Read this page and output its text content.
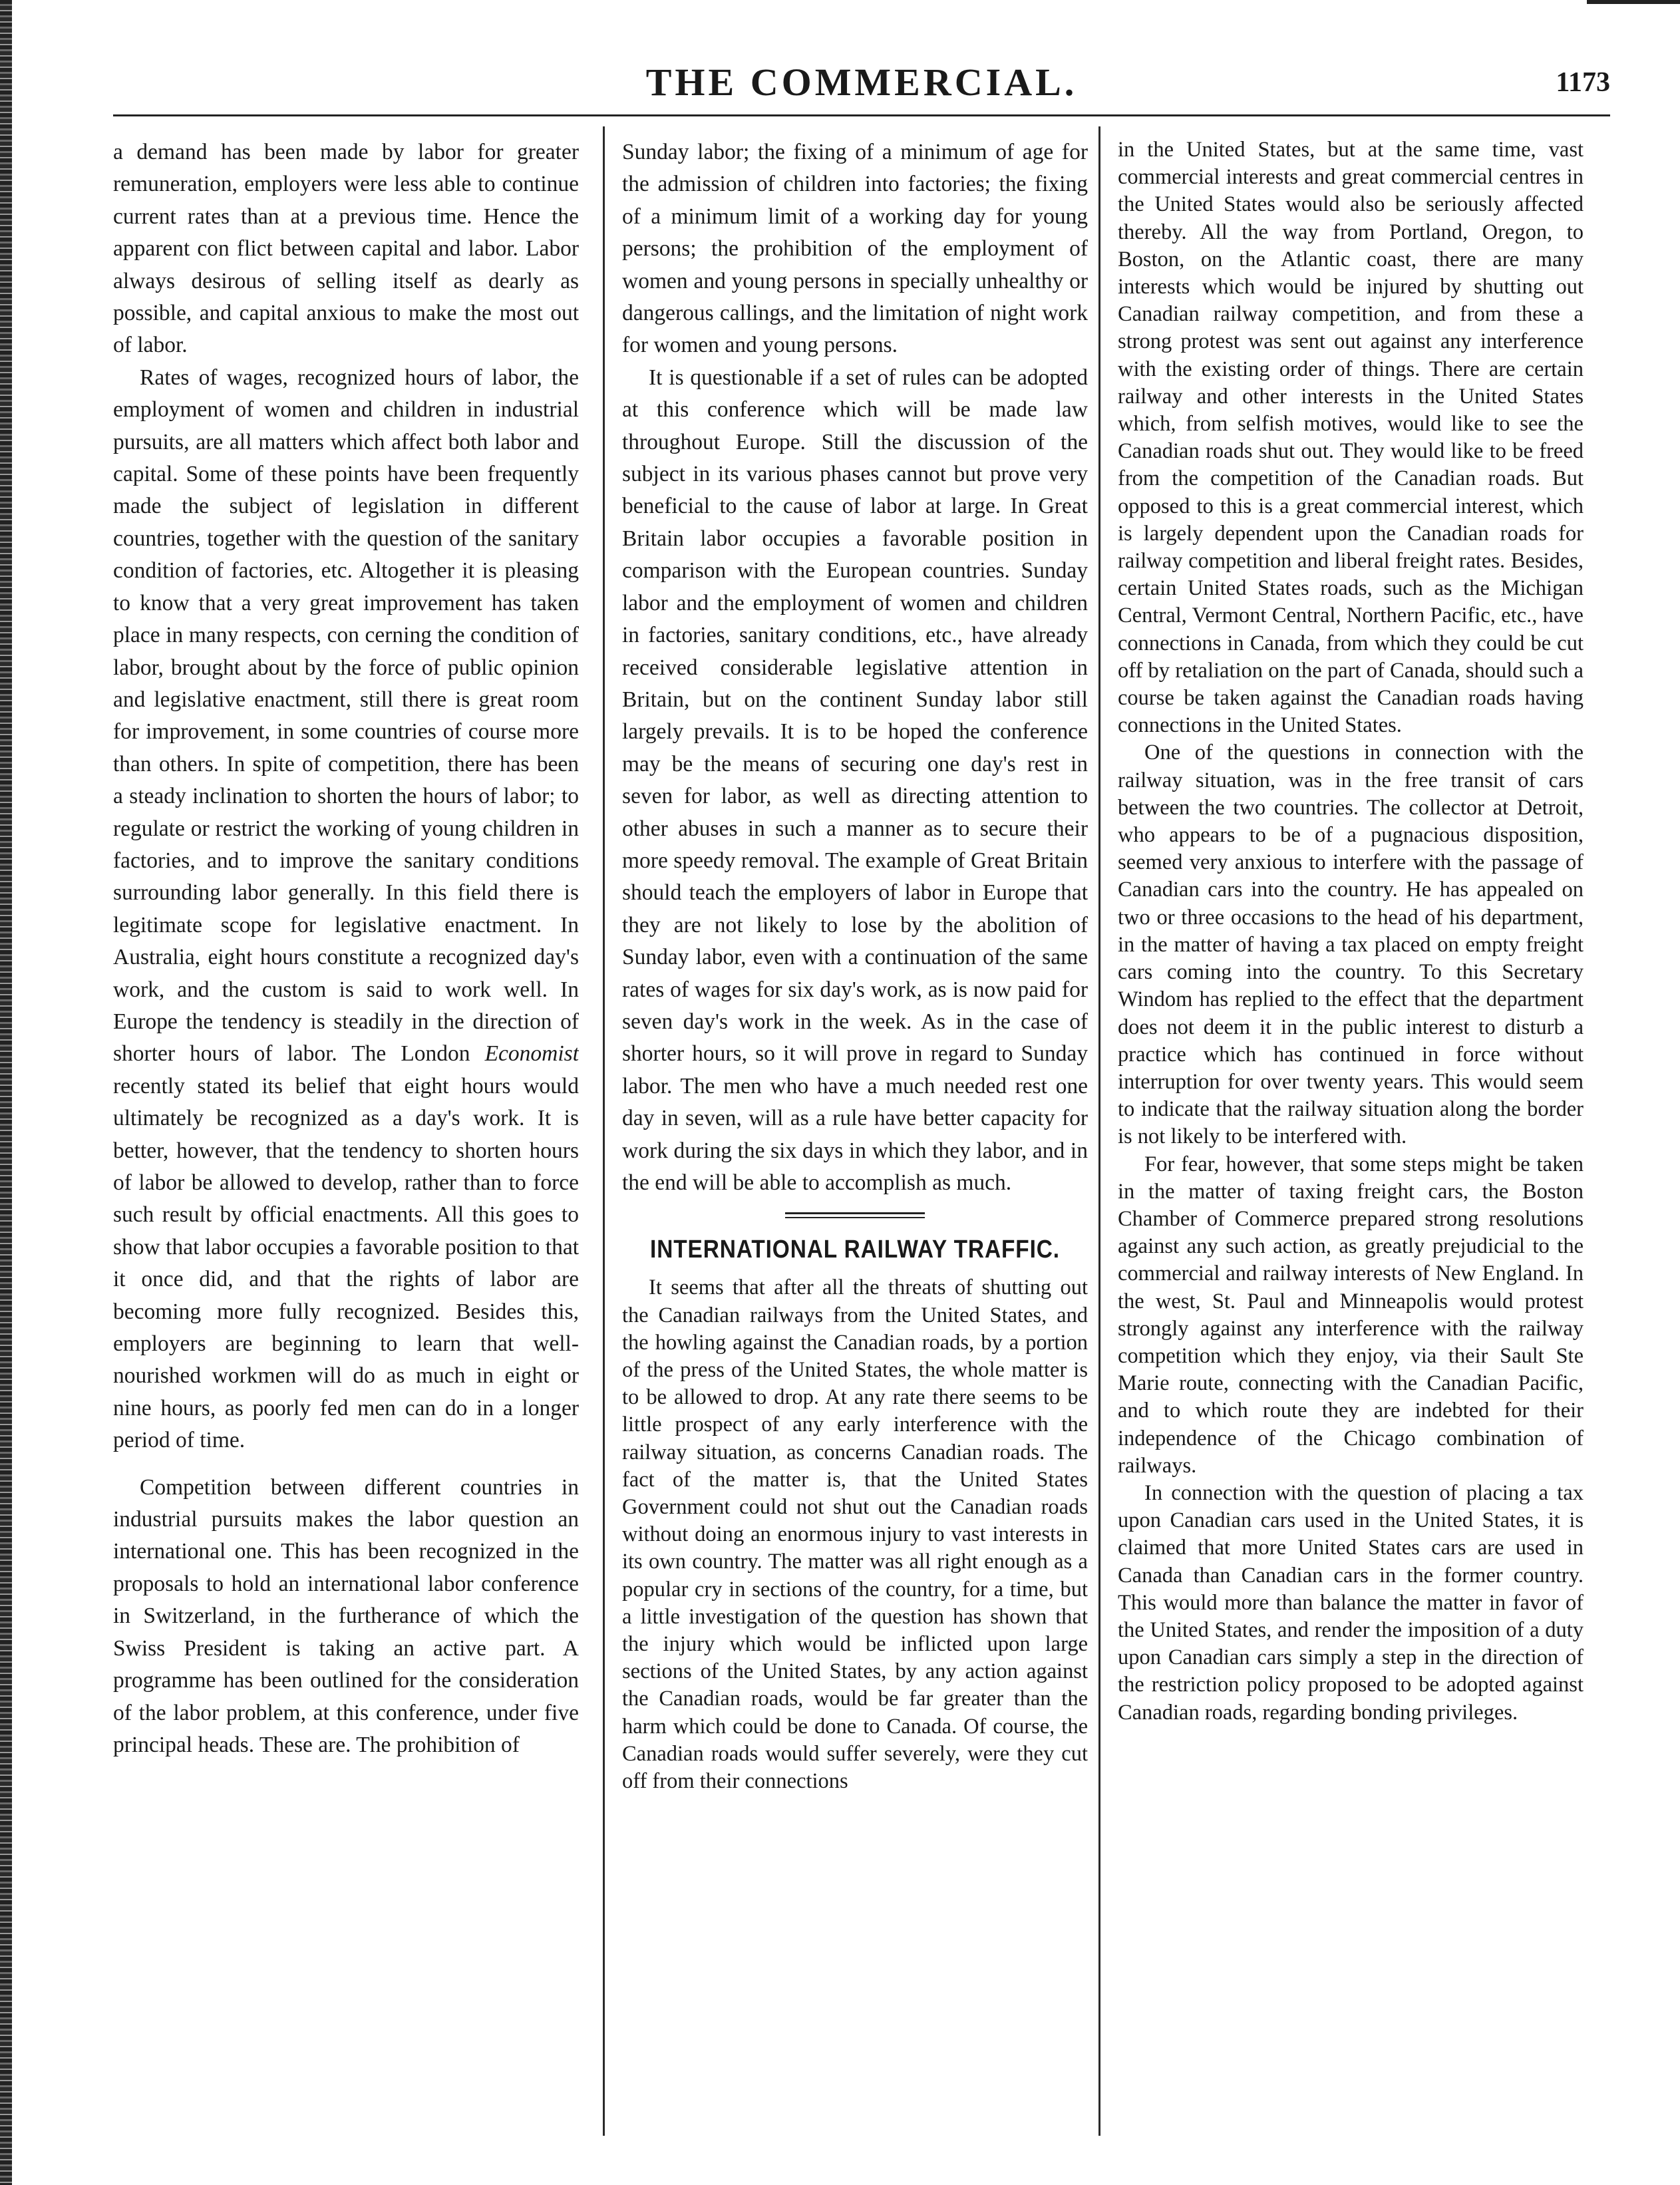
THE COMMERCIAL.	1173

a demand has been made by labor for greater remuneration, employers were less able to continue current rates than at a previous time. Hence the apparent con flict between capital and labor. Labor always desirous of selling itself as dearly as possible, and capital anxious to make the most out of labor.

Rates of wages, recognized hours of labor, the employment of women and children in industrial pursuits, are all matters which affect both labor and capital. Some of these points have been frequently made the subject of legislation in different countries, together with the question of the sanitary condition of factories, etc. Altogether it is pleasing to know that a very great improvement has taken place in many respects, con cerning the condition of labor, brought about by the force of public opinion and legislative enactment, still there is great room for improvement, in some countries of course more than others. In spite of competition, there has been a steady inclination to shorten the hours of labor; to regulate or restrict the working of young children in factories, and to improve the sanitary conditions surrounding labor generally. In this field there is legitimate scope for legislative enactment. In Australia, eight hours constitute a recognized day's work, and the custom is said to work well. In Europe the tendency is steadily in the direction of shorter hours of labor. The London Economist recently stated its belief that eight hours would ultimately be recognized as a day's work. It is better, however, that the tendency to shorten hours of labor be allowed to develop, rather than to force such result by official enactments. All this goes to show that labor occupies a favorable position to that it once did, and that the rights of labor are becoming more fully recognized. Besides this, employers are beginning to learn that well-nourished workmen will do as much in eight or nine hours, as poorly fed men can do in a longer period of time.

Competition between different countries in industrial pursuits makes the labor question an international one. This has been recognized in the proposals to hold an international labor conference in Switzerland, in the furtherance of which the Swiss President is taking an active part. A programme has been outlined for the consideration of the labor problem, at this conference, under five principal heads. These are. The prohibition of

Sunday labor; the fixing of a minimum of age for the admission of children into factories; the fixing of a minimum limit of a working day for young persons; the prohibition of the employment of women and young persons in specially unhealthy or dangerous callings, and the limitation of night work for women and young persons.

It is questionable if a set of rules can be adopted at this conference which will be made law throughout Europe. Still the discussion of the subject in its various phases cannot but prove very beneficial to the cause of labor at large. In Great Britain labor occupies a favorable position in comparison with the European countries. Sunday labor and the employment of women and children in factories, sanitary conditions, etc., have already received considerable legislative attention in Britain, but on the continent Sunday labor still largely prevails. It is to be hoped the conference may be the means of securing one day's rest in seven for labor, as well as directing attention to other abuses in such a manner as to secure their more speedy removal. The example of Great Britain should teach the employers of labor in Europe that they are not likely to lose by the abolition of Sunday labor, even with a continuation of the same rates of wages for six day's work, as is now paid for seven day's work in the week. As in the case of shorter hours, so it will prove in regard to Sunday labor. The men who have a much needed rest one day in seven, will as a rule have better capacity for work during the six days in which they labor, and in the end will be able to accomplish as much.

INTERNATIONAL RAILWAY TRAFFIC.

It seems that after all the threats of shutting out the Canadian railways from the United States, and the howling against the Canadian roads, by a portion of the press of the United States, the whole matter is to be allowed to drop. At any rate there seems to be little prospect of any early interference with the railway situation, as concerns Canadian roads. The fact of the matter is, that the United States Government could not shut out the Canadian roads without doing an enormous injury to vast interests in its own country. The matter was all right enough as a popular cry in sections of the country, for a time, but a little investigation of the question has shown that the injury which would be inflicted upon large sections of the United States, by any action against the Canadian roads, would be far greater than the harm which could be done to Canada. Of course, the Canadian roads would suffer severely, were they cut off from their connections

in the United States, but at the same time, vast commercial interests and great commercial centres in the United States would also be seriously affected thereby. All the way from Portland, Oregon, to Boston, on the Atlantic coast, there are many interests which would be injured by shutting out Canadian railway competition, and from these a strong protest was sent out against any interference with the existing order of things. There are certain railway and other interests in the United States which, from selfish motives, would like to see the Canadian roads shut out. They would like to be freed from the competition of the Canadian roads. But opposed to this is a great commercial interest, which is largely dependent upon the Canadian roads for railway competition and liberal freight rates. Besides, certain United States roads, such as the Michigan Central, Vermont Central, Northern Pacific, etc., have connections in Canada, from which they could be cut off by retaliation on the part of Canada, should such a course be taken against the Canadian roads having connections in the United States.

One of the questions in connection with the railway situation, was in the free transit of cars between the two countries. The collector at Detroit, who appears to be of a pugnacious disposition, seemed very anxious to interfere with the passage of Canadian cars into the country. He has appealed on two or three occasions to the head of his department, in the matter of having a tax placed on empty freight cars coming into the country. To this Secretary Windom has replied to the effect that the department does not deem it in the public interest to disturb a practice which has continued in force without interruption for over twenty years. This would seem to indicate that the railway situation along the border is not likely to be interfered with.

For fear, however, that some steps might be taken in the matter of taxing freight cars, the Boston Chamber of Commerce prepared strong resolutions against any such action, as greatly prejudicial to the commercial and railway interests of New England. In the west, St. Paul and Minneapolis would protest strongly against any interference with the railway competition which they enjoy, via their Sault Ste Marie route, connecting with the Canadian Pacific, and to which route they are indebted for their independence of the Chicago combination of railways.

In connection with the question of placing a tax upon Canadian cars used in the United States, it is claimed that more United States cars are used in Canada than Canadian cars in the former country. This would more than balance the matter in favor of the United States, and render the imposition of a duty upon Canadian cars simply a step in the direction of the restriction policy proposed to be adopted against Canadian roads, regarding bonding privileges.
